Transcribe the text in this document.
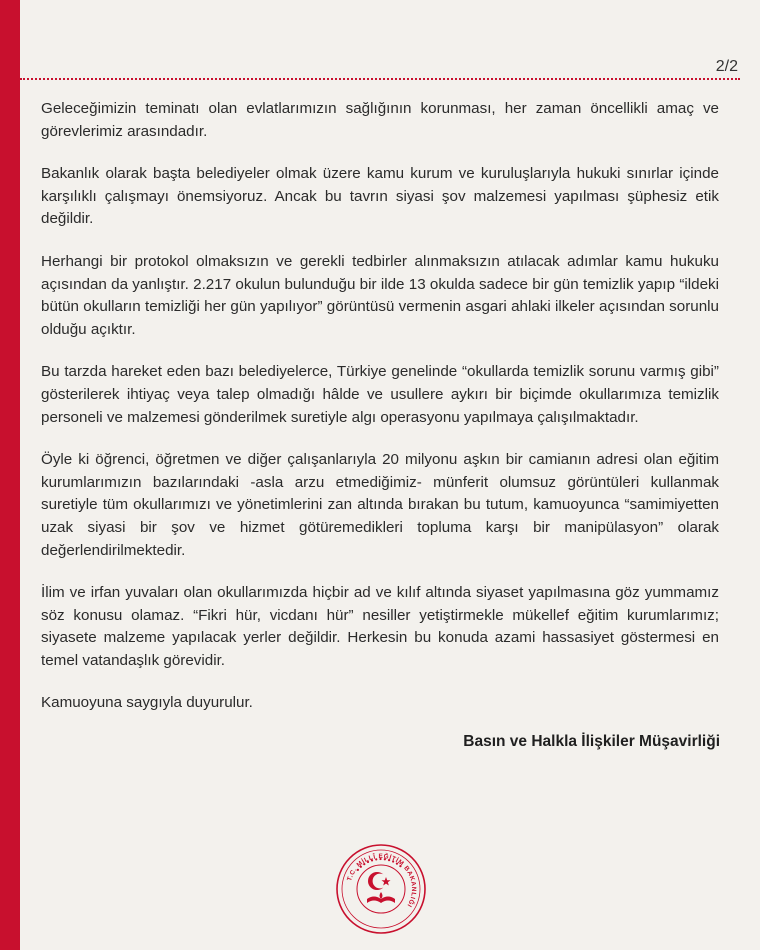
2/2

Geleceğimizin teminatı olan evlatlarımızın sağlığının korunması, her zaman öncellikli amaç ve görevlerimiz arasındadır.

Bakanlık olarak başta belediyeler olmak üzere kamu kurum ve kuruluşlarıyla hukuki sınırlar içinde karşılıklı çalışmayı önemsiyoruz. Ancak bu tavrın siyasi şov malzemesi yapılması şüphesiz etik değildir.

Herhangi bir protokol olmaksızın ve gerekli tedbirler alınmaksızın atılacak adımlar kamu hukuku açısından da yanlıştır. 2.217 okulun bulunduğu bir ilde 13 okulda sadece bir gün temizlik yapıp “ildeki bütün okulların temizliği her gün yapılıyor” görüntüsü vermenin asgari ahlaki ilkeler açısından sorunlu olduğu açıktır.

Bu tarzda hareket eden bazı belediyelerce, Türkiye genelinde “okullarda temizlik sorunu varmış gibi” gösterilerek ihtiyaç veya talep olmadığı hâlde ve usullere aykırı bir biçimde okullarımıza temizlik personeli ve malzemesi gönderilmek suretiyle algı operasyonu yapılmaya çalışılmaktadır.

Öyle ki öğrenci, öğretmen ve diğer çalışanlarıyla 20 milyonu aşkın bir camianın adresi olan eğitim kurumlarımızın bazılarındaki -asla arzu etmediğimiz- münferit olumsuz görüntüleri kullanmak suretiyle tüm okullarımızı ve yönetimlerini zan altında bırakan bu tutum, kamuoyunca “samimiyetten uzak siyasi bir şov ve hizmet götüremedikleri topluma karşı bir manipülasyon” olarak değerlendirilmektedir.

İlim ve irfan yuvaları olan okullarımızda hiçbir ad ve kılıf altında siyaset yapılmasına göz yummamız söz konusu olamaz. “Fikri hür, vicdanı hür” nesiller yetiştirmekle mükellef eğitim kurumlarımız; siyasete malzeme yapılacak yerler değildir. Herkesin bu konuda azami hassasiyet göstermesi en temel vatandaşlık görevidir.

Kamuoyuna saygıyla duyurulur.

Basın ve Halkla İlişkiler Müşavirliği
T.C. MİLLÎ EĞİTİM BAKANLIĞI
